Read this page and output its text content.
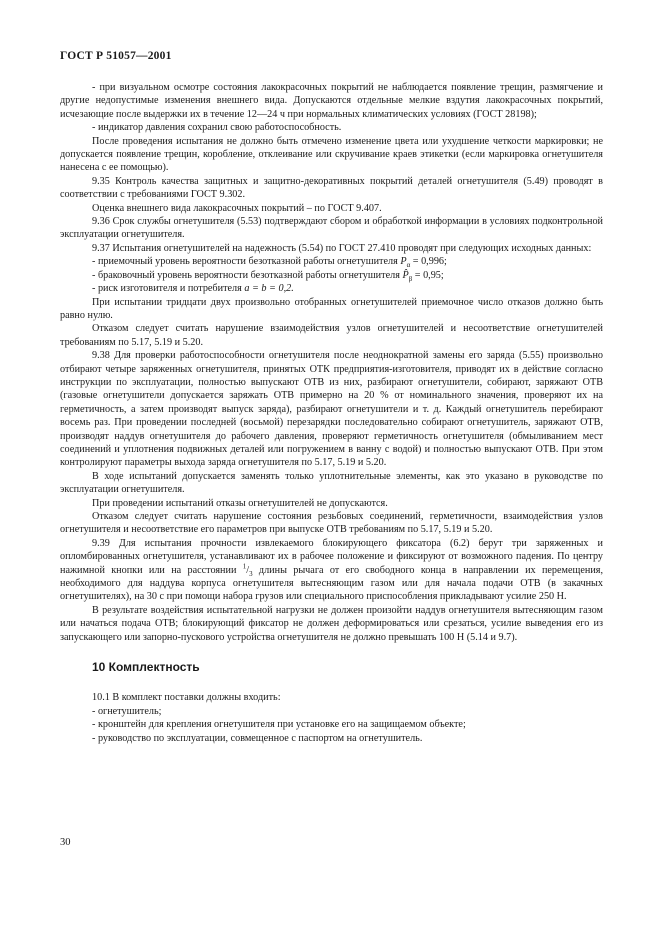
ГОСТ Р 51057—2001

- при визуальном осмотре состояния лакокрасочных покрытий не наблюдается появление трещин, размягчение и другие недопустимые изменения внешнего вида. Допускаются отдельные мелкие вздутия лакокрасочных покрытий, исчезающие после выдержки их в течение 12—24 ч при нормальных климатических условиях (ГОСТ 28198);

- индикатор давления сохранил свою работоспособность.

После проведения испытания не должно быть отмечено изменение цвета или ухудшение четкости маркировки; не допускается появление трещин, коробление, отклеивание или скручивание краев этикетки (если маркировка огнетушителя нанесена с ее помощью).

9.35 Контроль качества защитных и защитно-декоративных покрытий деталей огнетушителя (5.49) проводят в соответствии с требованиями ГОСТ 9.302.

Оценка внешнего вида лакокрасочных покрытий – по ГОСТ 9.407.

9.36 Срок службы огнетушителя (5.53) подтверждают сбором и обработкой информации в условиях подконтрольной эксплуатации огнетушителя.

9.37 Испытания огнетушителей на надежность (5.54) по ГОСТ 27.410 проводят при следующих исходных данных:

- приемочный уровень вероятности безотказной работы огнетушителя $P_\alpha = 0,996$;

- браковочный уровень вероятности безотказной работы огнетушителя $P̂_\beta = 0,95$;

- риск изготовителя и потребителя a = b = 0,2.

При испытании тридцати двух произвольно отобранных огнетушителей приемочное число отказов должно быть равно нулю.

Отказом следует считать нарушение взаимодействия узлов огнетушителей и несоответствие огнетушителей требованиям по 5.17, 5.19 и 5.20.

9.38 Для проверки работоспособности огнетушителя после неоднократной замены его заряда (5.55) произвольно отбирают четыре заряженных огнетушителя, принятых ОТК предприятия-изготовителя, приводят их в действие согласно инструкции по эксплуатации, полностью выпускают ОТВ из них, разбирают огнетушители, собирают, заряжают ОТВ (газовые огнетушители допускается заряжать ОТВ примерно на 20 % от номинального значения, проверяют их на герметичность, а затем производят выпуск заряда), разбирают огнетушители и т. д. Каждый огнетушитель перебирают восемь раз. При проведении последней (восьмой) перезарядки последовательно собирают огнетушитель, заряжают ОТВ, производят наддув огнетушителя до рабочего давления, проверяют герметичность огнетушителя (обмыливанием мест соединений и уплотнения подвижных деталей или погружением в ванну с водой) и полностью выпускают ОТВ. При этом контролируют параметры выхода заряда огнетушителя по 5.17, 5.19 и 5.20.

В ходе испытаний допускается заменять только уплотнительные элементы, как это указано в руководстве по эксплуатации огнетушителя.

При проведении испытаний отказы огнетушителей не допускаются.

Отказом следует считать нарушение состояния резьбовых соединений, герметичности, взаимодействия узлов огнетушителя и несоответствие его параметров при выпуске ОТВ требованиям по 5.17, 5.19 и 5.20.

9.39 Для испытания прочности извлекаемого блокирующего фиксатора (6.2) берут три заряженных и опломбированных огнетушителя, устанавливают их в рабочее положение и фиксируют от возможного падения. По центру нажимной кнопки или на расстоянии $^1/_3$ длины рычага от его свободного конца в направлении их перемещения, необходимого для наддува корпуса огнетушителя вытесняющим газом или для начала подачи ОТВ (в закачных огнетушителях), на 30 с при помощи набора грузов или специального приспособления прикладывают усилие 250 Н.

В результате воздействия испытательной нагрузки не должен произойти наддув огнетушителя вытесняющим газом или начаться подача ОТВ; блокирующий фиксатор не должен деформироваться или срезаться, усилие выведения его из запускающего или запорно-пускового устройства огнетушителя не должно превышать 100 Н (5.14 и 9.7).

10 Комплектность

10.1 В комплект поставки должны входить:

- огнетушитель;

- кронштейн для крепления огнетушителя при установке его на защищаемом объекте;

- руководство по эксплуатации, совмещенное с паспортом на огнетушитель.

30
